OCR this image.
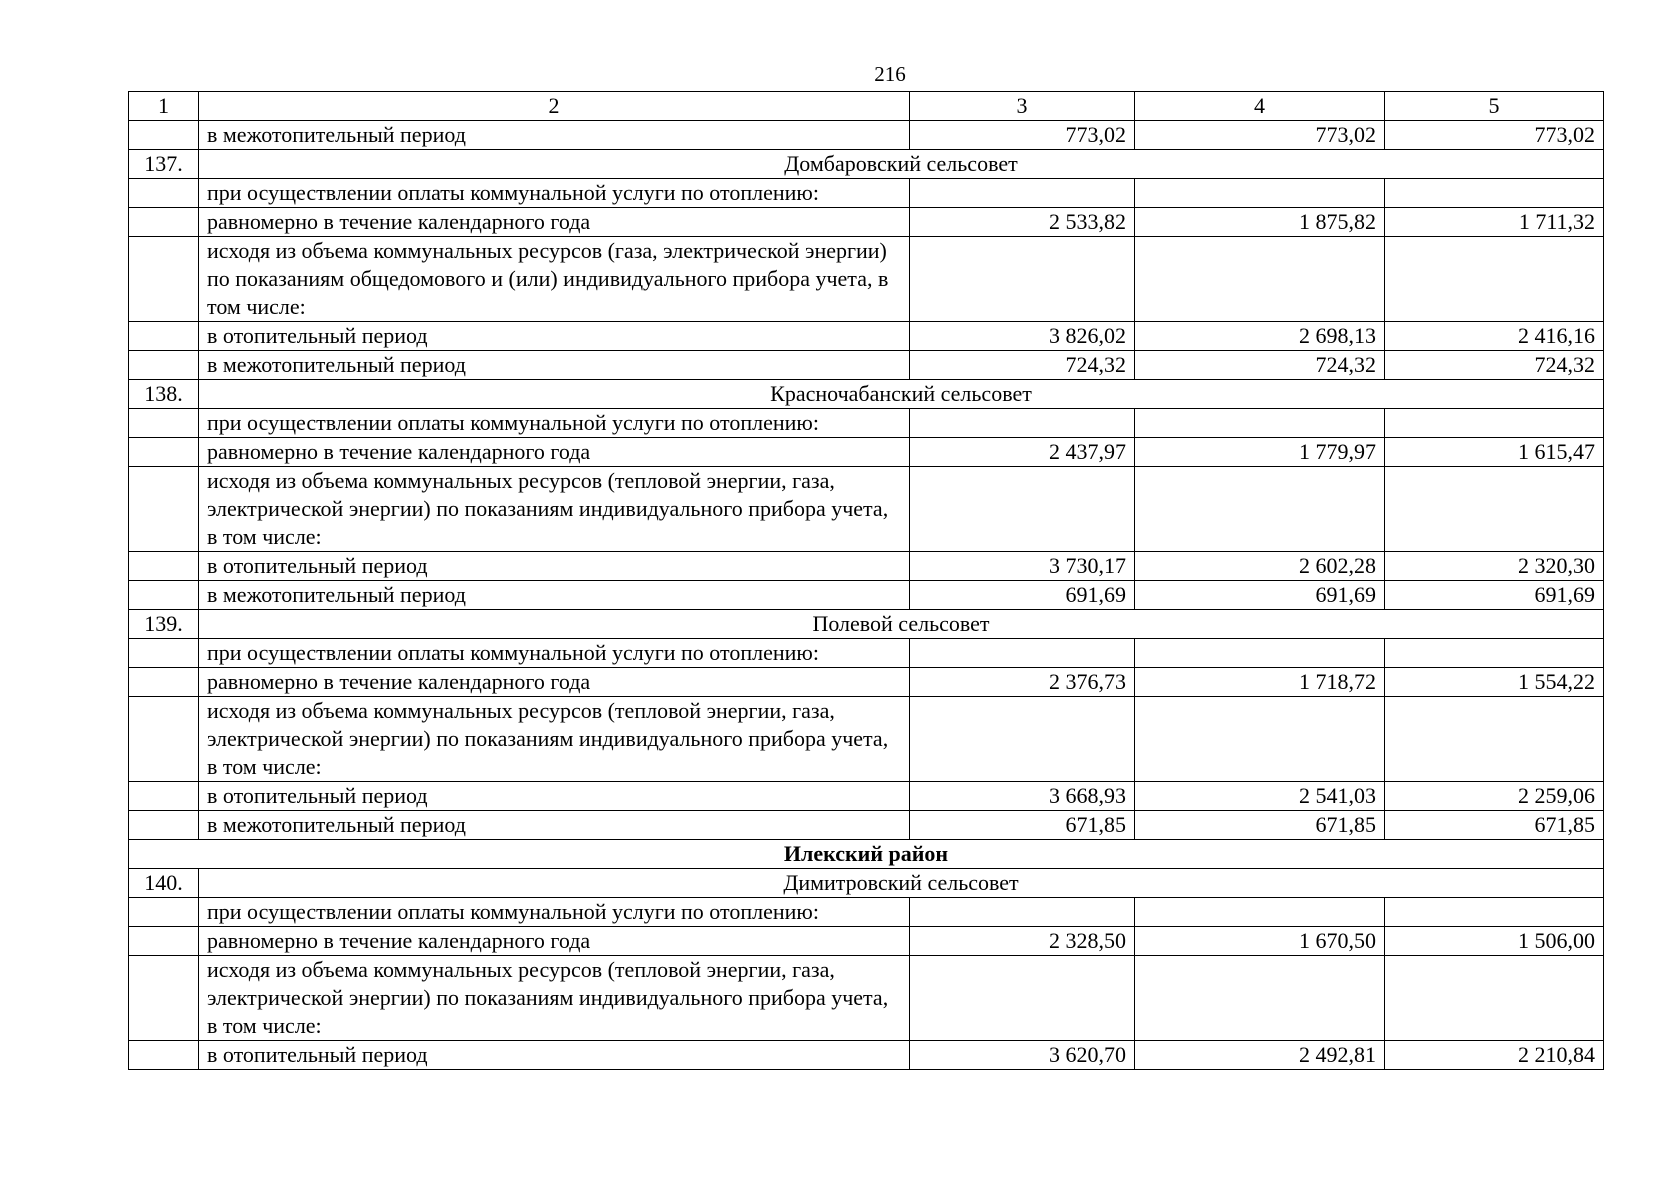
216
1	2	3	4	5
	в межотопительный период	773,02	773,02	773,02
137.	Домбаровский сельсовет			
	при осуществлении оплаты коммунальной услуги по отоплению:			
	равномерно в течение календарного года	2 533,82	1 875,82	1 711,32
	исходя из объема коммунальных ресурсов (газа, электрической энергии) по показаниям общедомового и (или) индивидуального прибора учета, в том числе:			
	в отопительный период	3 826,02	2 698,13	2 416,16
	в межотопительный период	724,32	724,32	724,32
138.	Красночабанский сельсовет			
	при осуществлении оплаты коммунальной услуги по отоплению:			
	равномерно в течение календарного года	2 437,97	1 779,97	1 615,47
	исходя из объема коммунальных ресурсов (тепловой энергии, газа, электрической энергии) по показаниям индивидуального прибора учета, в том числе:			
	в отопительный период	3 730,17	2 602,28	2 320,30
	в межотопительный период	691,69	691,69	691,69
139.	Полевой сельсовет			
	при осуществлении оплаты коммунальной услуги по отоплению:			
	равномерно в течение календарного года	2 376,73	1 718,72	1 554,22
	исходя из объема коммунальных ресурсов (тепловой энергии, газа, электрической энергии) по показаниям индивидуального прибора учета, в том числе:			
	в отопительный период	3 668,93	2 541,03	2 259,06
	в межотопительный период	671,85	671,85	671,85
Илекский район				
140.	Димитровский сельсовет			
	при осуществлении оплаты коммунальной услуги по отоплению:			
	равномерно в течение календарного года	2 328,50	1 670,50	1 506,00
	исходя из объема коммунальных ресурсов (тепловой энергии, газа, электрической энергии) по показаниям индивидуального прибора учета, в том числе:			
	в отопительный период	3 620,70	2 492,81	2 210,84
